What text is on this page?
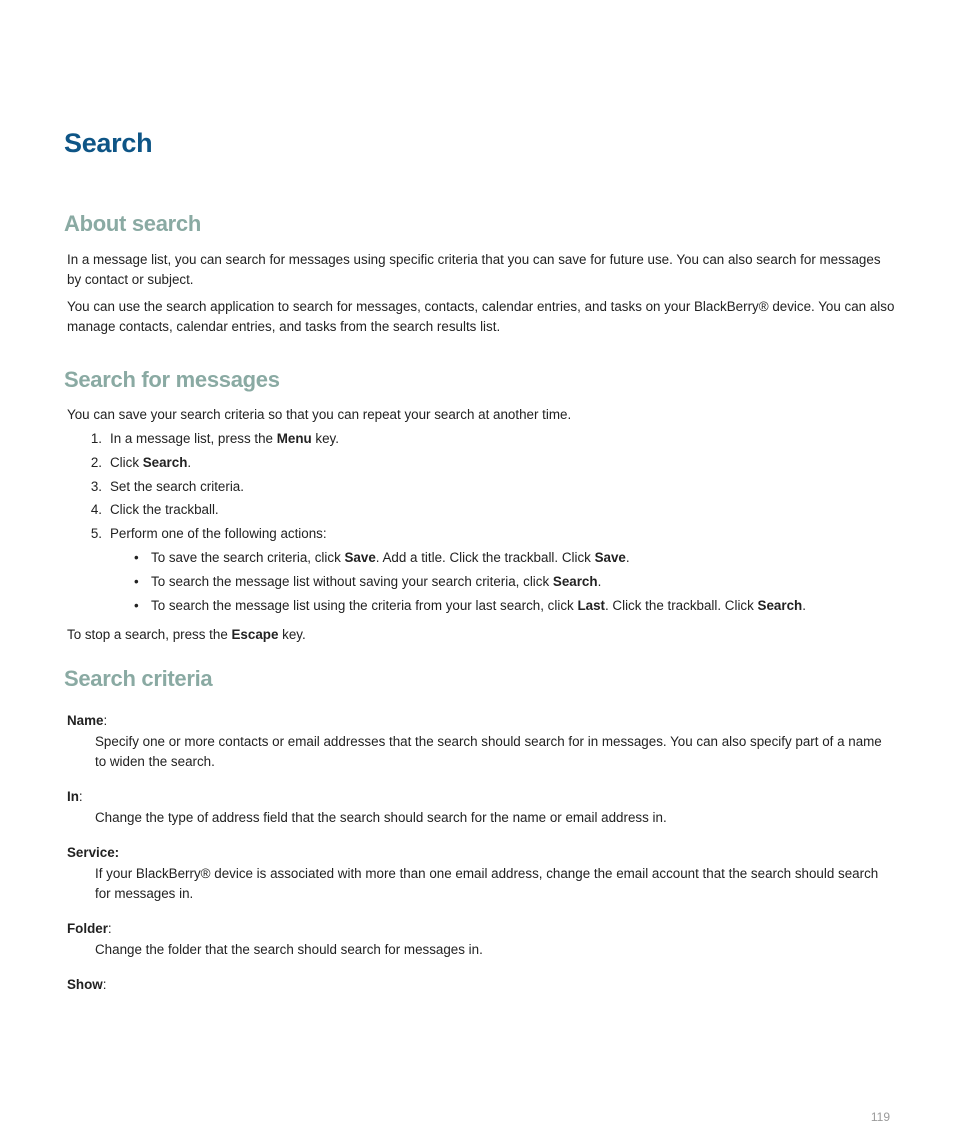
Search
About search

In a message list, you can search for messages using specific criteria that you can save for future use. You can also search for messages by contact or subject.

You can use the search application to search for messages, contacts, calendar entries, and tasks on your BlackBerry® device. You can also manage contacts, calendar entries, and tasks from the search results list.

Search for messages

You can save your search criteria so that you can repeat your search at another time.

1. In a message list, press the Menu key.
2. Click Search.
3. Set the search criteria.
4. Click the trackball.
5. Perform one of the following actions:
• To save the search criteria, click Save. Add a title. Click the trackball. Click Save.
• To search the message list without saving your search criteria, click Search.
• To search the message list using the criteria from your last search, click Last. Click the trackball. Click Search.

To stop a search, press the Escape key.

Search criteria
Name:
Specify one or more contacts or email addresses that the search should search for in messages. You can also specify part of a name to widen the search.
In:
Change the type of address field that the search should search for the name or email address in.
Service:
If your BlackBerry® device is associated with more than one email address, change the email account that the search should search for messages in.
Folder:
Change the folder that the search should search for messages in.
Show:
119
